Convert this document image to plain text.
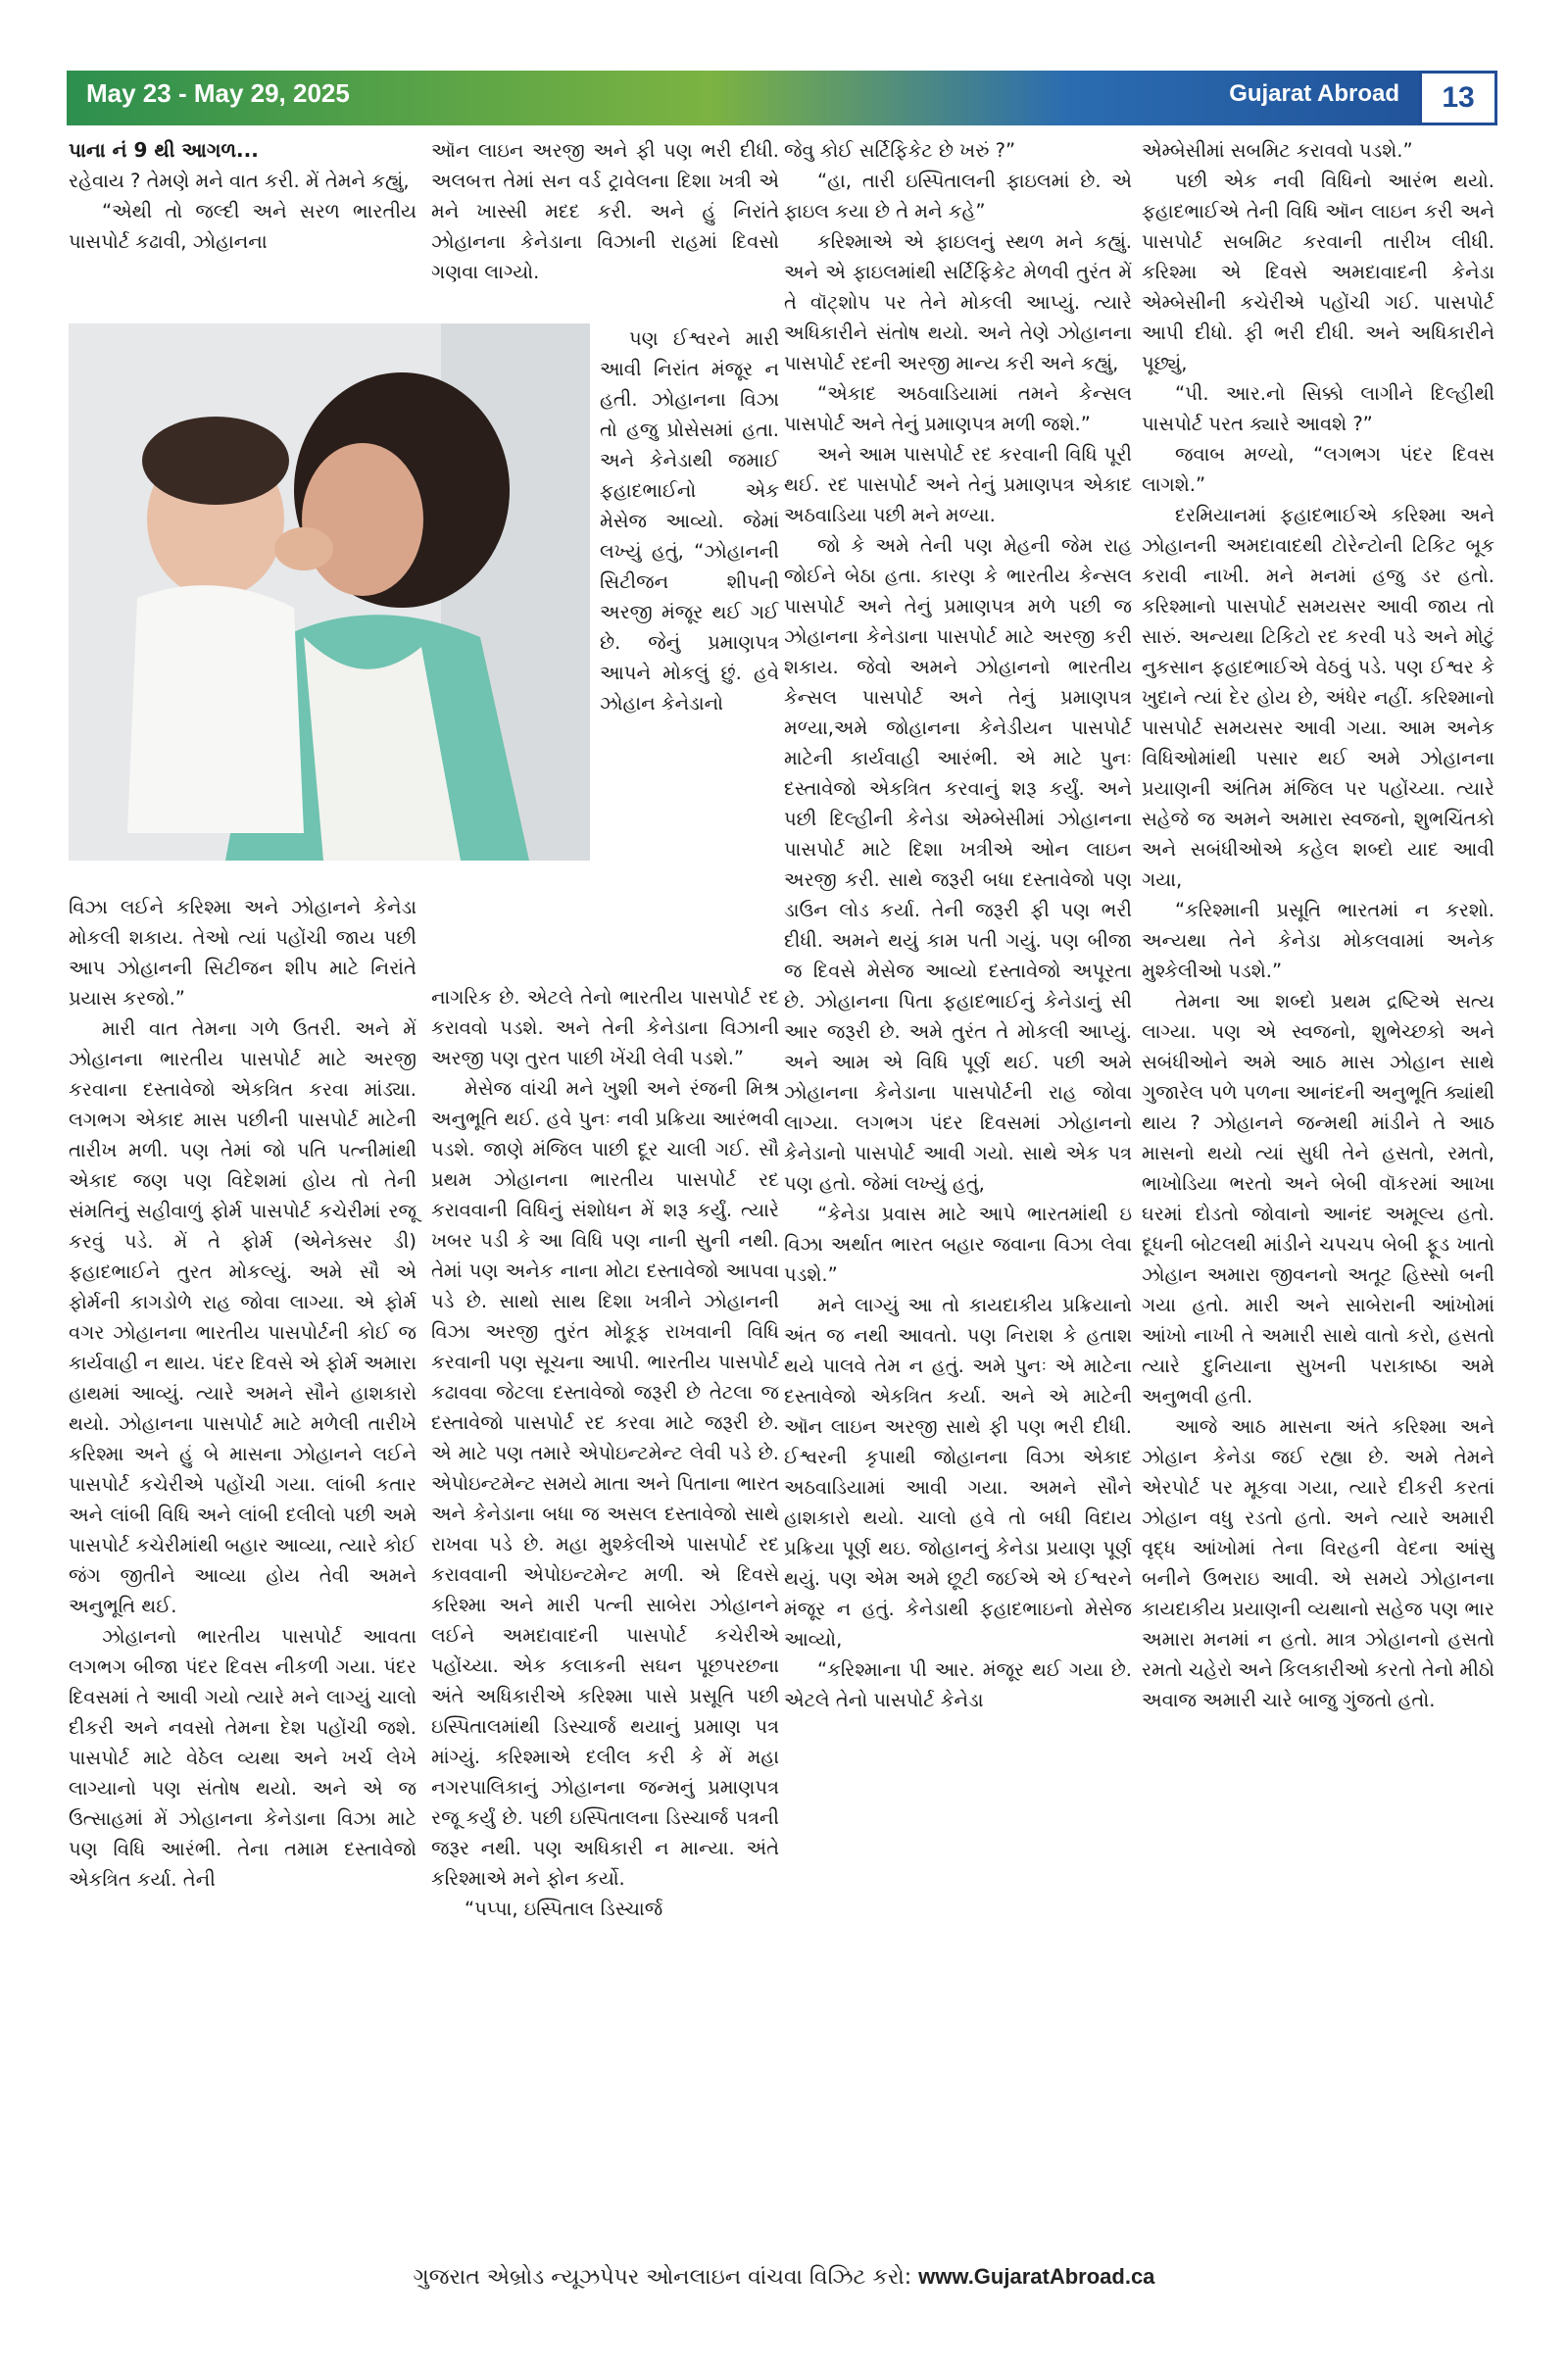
May 23 - May 29, 2025	Gujarat Abroad 13

પાના નં 9 થી આગળ...

રહેવાય ? તેમણે મને વાત કરી. મેં તેમને કહ્યું,

“એથી તો જલ્દી અને સરળ ભારતીય પાસપોર્ટ કઢાવી, ઝોહાનના

વિઝા લઈને કરિશ્મા અને ઝોહાનને કેનેડા મોકલી શકાય. તેઓ ત્યાં પહોંચી જાય પછી આપ ઝોહાનની સિટીજન શીપ માટે નિરાંતે પ્રયાસ કરજો.”

મારી વાત તેમના ગળે ઉતરી. અને મેં ઝોહાનના ભારતીય પાસપોર્ટ માટે અરજી કરવાના દસ્તાવેજો એકત્રિત કરવા માંડ્યા. લગભગ એકાદ માસ પછીની પાસપોર્ટ માટેની તારીખ મળી. પણ તેમાં જો પતિ પત્નીમાંથી એકાદ જણ પણ વિદેશમાં હોય તો તેની સંમતિનું સહીવાળું ફોર્મ પાસપોર્ટ કચેરીમાં રજૂ કરવું પડે. મેં તે ફોર્મ (એનેક્સર ડી) ફહાદભાઈને તુરત મોકલ્યું. અમે સૌ એ ફોર્મની કાગડોળે રાહ જોવા લાગ્યા. એ ફોર્મ વગર ઝોહાનના ભારતીય પાસપોર્ટની કોઈ જ કાર્યવાહી ન થાય. પંદર દિવસે એ ફોર્મ અમારા હાથમાં આવ્યું. ત્યારે અમને સૌને હાશકારો થયો. ઝોહાનના પાસપોર્ટ માટે મળેલી તારીખે કરિશ્મા અને હું બે માસના ઝોહાનને લઈને પાસપોર્ટ કચેરીએ પહોંચી ગયા. લાંબી કતાર અને લાંબી વિધિ અને લાંબી દલીલો પછી અમે પાસપોર્ટ કચેરીમાંથી બહાર આવ્યા, ત્યારે કોઈ જંગ જીતીને આવ્યા હોય તેવી અમને અનુભૂતિ થઈ.

ઝોહાનનો ભારતીય પાસપોર્ટ આવતા લગભગ બીજા પંદર દિવસ નીકળી ગયા. પંદર દિવસમાં તે આવી ગયો ત્યારે મને લાગ્યું ચાલો દીકરી અને નવસો તેમના દેશ પહોંચી જશે. પાસપોર્ટ માટે વેઠેલ વ્યથા અને ખર્ચ લેખે લાગ્યાનો પણ સંતોષ થયો. અને એ જ ઉત્સાહમાં મેં ઝોહાનના કેનેડાના વિઝા માટે પણ વિધિ આરંભી. તેના તમામ દસ્તાવેજો એકત્રિત કર્યા. તેની

ઑન લાઇન અરજી અને ફી પણ ભરી દીધી. અલબત્ત તેમાં સન વર્ડ ટ્રાવેલના દિશા ખત્રી એ મને ખાસ્સી મદદ કરી. અને હું નિરાંતે ઝોહાનના કેનેડાના વિઝાની રાહમાં દિવસો ગણવા લાગ્યો.

પણ ઈશ્વરને મારી આવી નિરાંત મંજૂર ન હતી. ઝોહાનના વિઝા તો હજુ પ્રોસેસમાં હતા. અને કેનેડાથી જમાઈ ફહાદભાઈનો એક મેસેજ આવ્યો. જેમાં લખ્યું હતું, “ઝોહાનની સિટીજન શીપની અરજી મંજૂર થઈ ગઈ છે. જેનું પ્રમાણપત્ર આપને મોકલું છું. હવે ઝોહાન કેનેડાનો

નાગરિક છે. એટલે તેનો ભારતીય પાસપોર્ટ રદ કરાવવો પડશે. અને તેની કેનેડાના વિઝાની અરજી પણ તુરત પાછી ખેંચી લેવી પડશે.”

મેસેજ વાંચી મને ખુશી અને રંજની મિશ્ર અનુભૂતિ થઈ. હવે પુનઃ નવી પ્રક્રિયા આરંભવી પડશે. જાણે મંજિલ પાછી દૂર ચાલી ગઈ. સૌ પ્રથમ ઝોહાનના ભારતીય પાસપોર્ટ રદ કરાવવાની વિધિનું સંશોધન મેં શરૂ કર્યું. ત્યારે ખબર પડી કે આ વિધિ પણ નાની સુની નથી. તેમાં પણ અનેક નાના મોટા દસ્તાવેજો આપવા પડે છે. સાથો સાથ દિશા ખત્રીને ઝોહાનની વિઝા અરજી તુરંત મોકૂફ રાખવાની વિધિ કરવાની પણ સૂચના આપી. ભારતીય પાસપોર્ટ કઢાવવા જેટલા દસ્તાવેજો જરૂરી છે તેટલા જ દસ્તાવેજો પાસપોર્ટ રદ કરવા માટે જરૂરી છે. એ માટે પણ તમારે એપોઇન્ટમેન્ટ લેવી પડે છે. એપોઇન્ટમેન્ટ સમયે માતા અને પિતાના ભારત અને કેનેડાના બધા જ અસલ દસ્તાવેજો સાથે રાખવા પડે છે. મહા મુશ્કેલીએ પાસપોર્ટ રદ કરાવવાની એપોઇન્ટમેન્ટ મળી. એ દિવસે કરિશ્મા અને મારી પત્ની સાબેરા ઝોહાનને લઈને અમદાવાદની પાસપોર્ટ કચેરીએ પહોંચ્યા. એક કલાકની સઘન પૂછપરછના અંતે અધિકારીએ કરિશ્મા પાસે પ્રસૂતિ પછી ઇસ્પિતાલમાંથી ડિસ્ચાર્જ થયાનું પ્રમાણ પત્ર માંગ્યું. કરિશ્માએ દલીલ કરી કે મેં મહા નગરપાલિકાનું ઝોહાનના જન્મનું પ્રમાણપત્ર રજૂ કર્યું છે. પછી ઇસ્પિતાલના ડિસ્ચાર્જ પત્રની જરૂર નથી. પણ અધિકારી ન માન્યા. અંતે કરિશ્માએ મને ફોન કર્યો.

“પપ્પા, ઇસ્પિતાલ ડિસ્ચાર્જ

જેવુ કોઈ સર્ટિફિકેટ છે ખરું ?”

“હા, તારી ઇસ્પિતાલની ફાઇલમાં છે. એ ફાઇલ કયા છે તે મને કહે”

કરિશ્માએ એ ફાઇલનું સ્થળ મને કહ્યું. અને એ ફાઇલમાંથી સર્ટિફિકેટ મેળવી તુરંત મેં તે વૉટ્શોપ પર તેને મોકલી આપ્યું. ત્યારે અધિકારીને સંતોષ થયો. અને તેણે ઝોહાનના પાસપોર્ટ રદની અરજી માન્ય કરી અને કહ્યું,

“એકાદ અઠવાડિયામાં તમને કેન્સલ પાસપોર્ટ અને તેનું પ્રમાણપત્ર મળી જશે.”

અને આમ પાસપોર્ટ રદ કરવાની વિધિ પૂરી થઈ. રદ પાસપોર્ટ અને તેનું પ્રમાણપત્ર એકાદ અઠવાડિયા પછી મને મળ્યા.

જો કે અમે તેની પણ મેહની જેમ રાહ જોઈને બેઠા હતા. કારણ કે ભારતીય કેન્સલ પાસપોર્ટ અને તેનું પ્રમાણપત્ર મળે પછી જ ઝોહાનના કેનેડાના પાસપોર્ટ માટે અરજી કરી શકાય. જેવો અમને ઝોહાનનો ભારતીય કેન્સલ પાસપોર્ટ અને તેનું પ્રમાણપત્ર મળ્યા,અમે જોહાનના કેનેડીયન પાસપોર્ટ માટેની કાર્યવાહી આરંભી. એ માટે પુનઃ દસ્તાવેજો એકત્રિત કરવાનું શરૂ કર્યું. અને પછી દિલ્હીની કેનેડા એમ્બેસીમાં ઝોહાનના પાસપોર્ટ માટે દિશા ખત્રીએ ઓન લાઇન અરજી કરી. સાથે જરૂરી બધા દસ્તાવેજો પણ ડાઉન લોડ કર્યા. તેની જરૂરી ફી પણ ભરી દીધી. અમને થયું કામ પતી ગયું. પણ બીજા જ દિવસે મેસેજ આવ્યો દસ્તાવેજો અપૂરતા છે. ઝોહાનના પિતા ફહાદભાઈનું કેનેડાનું સી આર જરૂરી છે. અમે તુરંત તે મોકલી આપ્યું. અને આમ એ વિધિ પૂર્ણ થઈ. પછી અમે ઝોહાનના કેનેડાના પાસપોર્ટની રાહ જોવા લાગ્યા. લગભગ પંદર દિવસમાં ઝોહાનનો કેનેડાનો પાસપોર્ટ આવી ગયો. સાથે એક પત્ર પણ હતો. જેમાં લખ્યું હતું,

“કેનેડા પ્રવાસ માટે આપે ભારતમાંથી ઇ વિઝા અર્થાત ભારત બહાર જવાના વિઝા લેવા પડશે.”

મને લાગ્યું આ તો કાયદાકીય પ્રક્રિયાનો અંત જ નથી આવતો. પણ નિરાશ કે હતાશ થયે પાલવે તેમ ન હતું. અમે પુનઃ એ માટેના દસ્તાવેજો એકત્રિત કર્યા. અને એ માટેની ઑન લાઇન અરજી સાથે ફી પણ ભરી દીધી. ઈશ્વરની કૃપાથી જોહાનના વિઝા એકાદ અઠવાડિયામાં આવી ગયા. અમને સૌને હાશકારો થયો. ચાલો હવે તો બધી વિદાય પ્રક્રિયા પૂર્ણ થઇ. જોહાનનું કેનેડા પ્રયાણ પૂર્ણ થયું. પણ એમ અમે છૂટી જઈએ એ ઈશ્વરને મંજૂર ન હતું. કેનેડાથી ફહાદભાઇનો મેસેજ આવ્યો,

“કરિશ્માના પી આર. મંજૂર થઈ ગયા છે. એટલે તેનો પાસપોર્ટ કેનેડા

એમ્બેસીમાં સબમિટ કરાવવો પડશે.”

પછી એક નવી વિધિનો આરંભ થયો. ફહાદભાઈએ તેની વિધિ ઑન લાઇન કરી અને પાસપોર્ટ સબમિટ કરવાની તારીખ લીધી. કરિશ્મા એ દિવસે અમદાવાદની કેનેડા એમ્બેસીની કચેરીએ પહોંચી ગઈ. પાસપોર્ટ આપી દીધો. ફી ભરી દીધી. અને અધિકારીને પૂછ્યું,

“પી. આર.નો સિક્કો લાગીને દિલ્હીથી પાસપોર્ટ પરત ક્યારે આવશે ?”

જવાબ મળ્યો, “લગભગ પંદર દિવસ લાગશે.”

દરમિયાનમાં ફહાદભાઈએ કરિશ્મા અને ઝોહાનની અમદાવાદથી ટોરેન્ટોની ટિકિટ બૂક કરાવી નાખી. મને મનમાં હજુ ડર હતો. કરિશ્માનો પાસપોર્ટ સમયસર આવી જાય તો સારું. અન્યથા ટિકિટો રદ કરવી પડે અને મોટું નુકસાન ફહાદભાઈએ વેઠવું પડે. પણ ઈશ્વર કે ખુદાને ત્યાં દેર હોય છે, અંધેર નહીં. કરિશ્માનો પાસપોર્ટ સમયસર આવી ગયા. આમ અનેક વિધિઓમાંથી પસાર થઈ અમે ઝોહાનના પ્રયાણની અંતિમ મંજિલ પર પહોંચ્યા. ત્યારે સહેજે જ અમને અમારા સ્વજનો, શુભચિંતકો અને સબંધીઓએ કહેલ શબ્દો યાદ આવી ગયા,

“કરિશ્માની પ્રસૂતિ ભારતમાં ન કરશો. અન્યથા તેને કેનેડા મોકલવામાં અનેક મુશ્કેલીઓ પડશે.”

તેમના આ શબ્દો પ્રથમ દ્રષ્ટિએ સત્ય લાગ્યા. પણ એ સ્વજનો, શુભેચ્છકો અને સબંધીઓને અમે આઠ માસ ઝોહાન સાથે ગુજારેલ પળે પળના આનંદની અનુભૂતિ ક્યાંથી થાય ? ઝોહાનને જન્મથી માંડીને તે આઠ માસનો થયો ત્યાં સુધી તેને હસતો, રમતો, ભાખોડિયા ભરતો અને બેબી વૉકરમાં આખા ઘરમાં દોડતો જોવાનો આનંદ અમૂલ્ય હતો. દૂધની બોટલથી માંડીને ચપચપ બેબી ફૂડ ખાતો ઝોહાન અમારા જીવનનો અતૂટ હિસ્સો બની ગયા હતો. મારી અને સાબેરાની આંખોમાં આંખો નાખી તે અમારી સાથે વાતો કરો, હસતો ત્યારે દુનિયાના સુખની પરાકાષ્ઠા અમે અનુભવી હતી.

આજે આઠ માસના અંતે કરિશ્મા અને ઝોહાન કેનેડા જઈ રહ્યા છે. અમે તેમને એરપોર્ટ પર મૂકવા ગયા, ત્યારે દીકરી કરતાં ઝોહાન વધુ રડતો હતો. અને ત્યારે અમારી વૃદ્ધ આંખોમાં તેના વિરહની વેદના આંસુ બનીને ઉભરાઇ આવી. એ સમયે ઝોહાનના કાયદાકીય પ્રયાણની વ્યથાનો સહેજ પણ ભાર અમારા મનમાં ન હતો. માત્ર ઝોહાનનો હસતો રમતો ચહેરો અને કિલકારીઓ કરતો તેનો મીઠો અવાજ અમારી ચારે બાજુ ગુંજતો હતો.

ગુજરાત એબ્રોડ ન્યૂઝપેપર ઓનલાઇન વાંચવા વિઝિટ કરો: www.GujaratAbroad.ca
